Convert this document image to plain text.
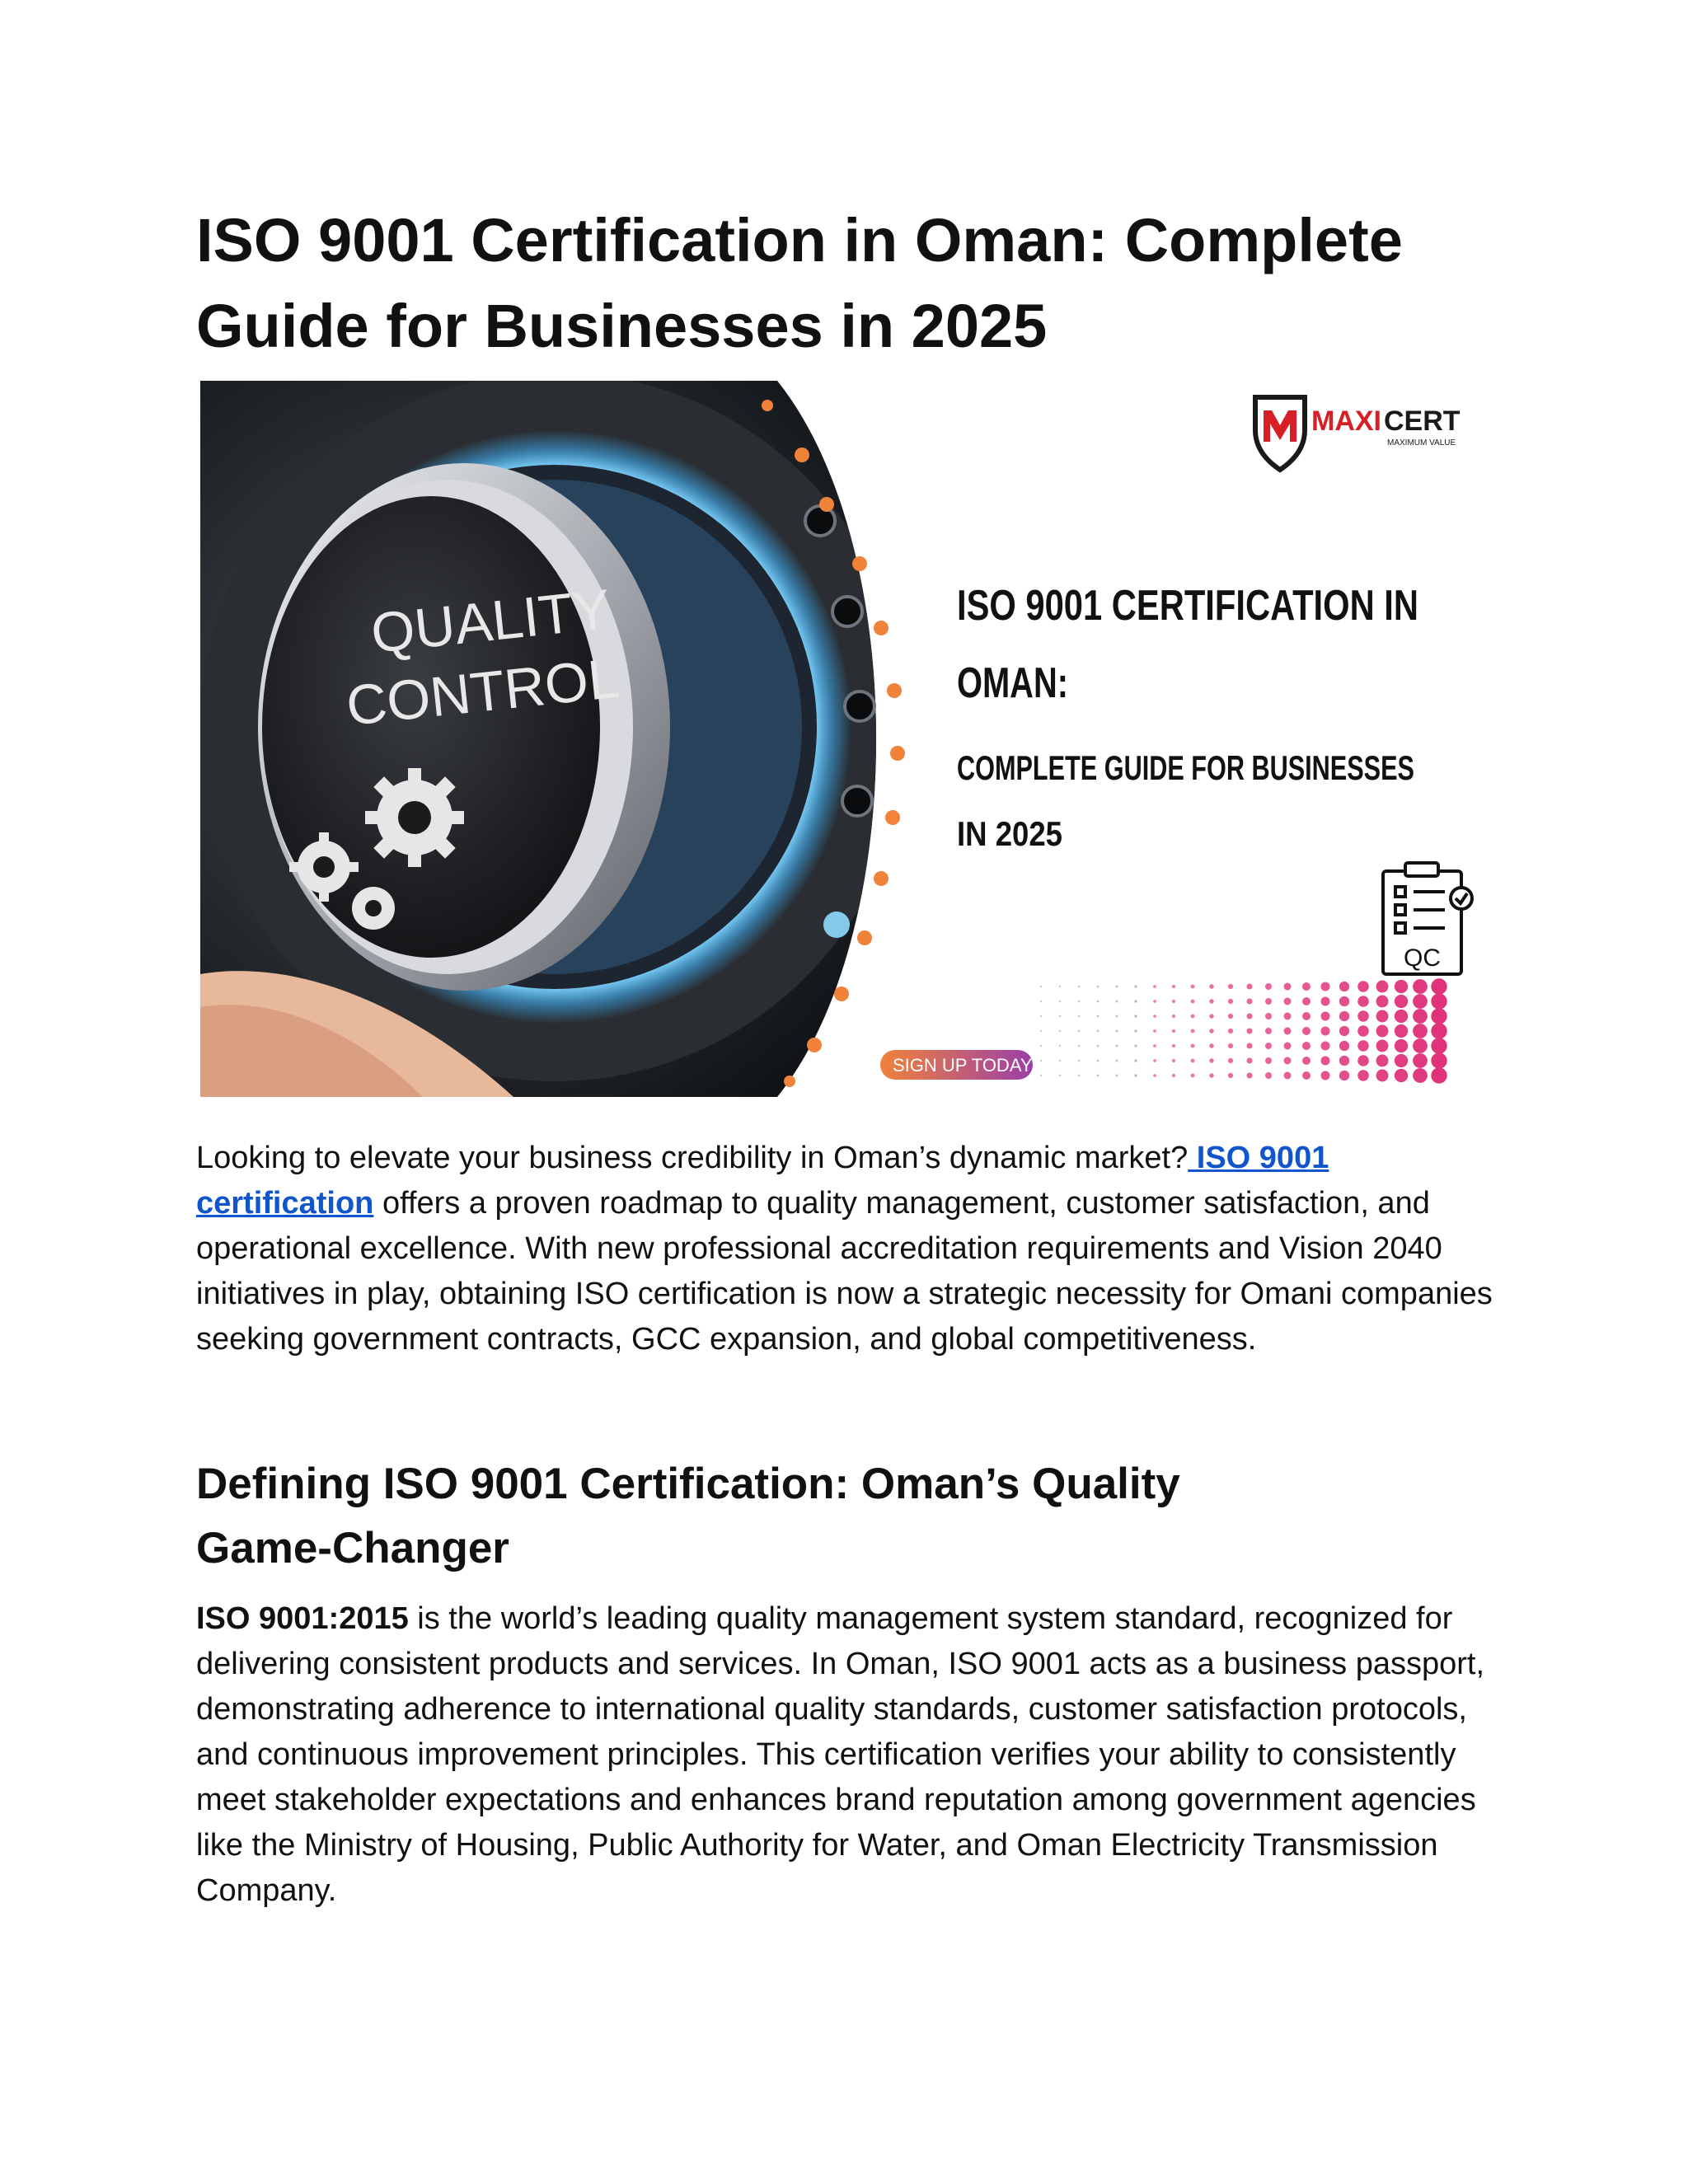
ISO 9001 Certification in Oman: Complete Guide for Businesses in 2025
QUALITY
CONTROL
MAXI CERT
MAXIMUM VALUE
ISO 9001 CERTIFICATION IN
OMAN:
COMPLETE GUIDE FOR BUSINESSES
IN 2025
QC
SIGN UP TODAY

Looking to elevate your business credibility in Oman’s dynamic market? ISO 9001 certification offers a proven roadmap to quality management, customer satisfaction, and operational excellence. With new professional accreditation requirements and Vision 2040 initiatives in play, obtaining ISO certification is now a strategic necessity for Omani companies seeking government contracts, GCC expansion, and global competitiveness.

Defining ISO 9001 Certification: Oman’s Quality Game-Changer

ISO 9001:2015 is the world’s leading quality management system standard, recognized for delivering consistent products and services. In Oman, ISO 9001 acts as a business passport, demonstrating adherence to international quality standards, customer satisfaction protocols, and continuous improvement principles. This certification verifies your ability to consistently meet stakeholder expectations and enhances brand reputation among government agencies like the Ministry of Housing, Public Authority for Water, and Oman Electricity Transmission Company.
